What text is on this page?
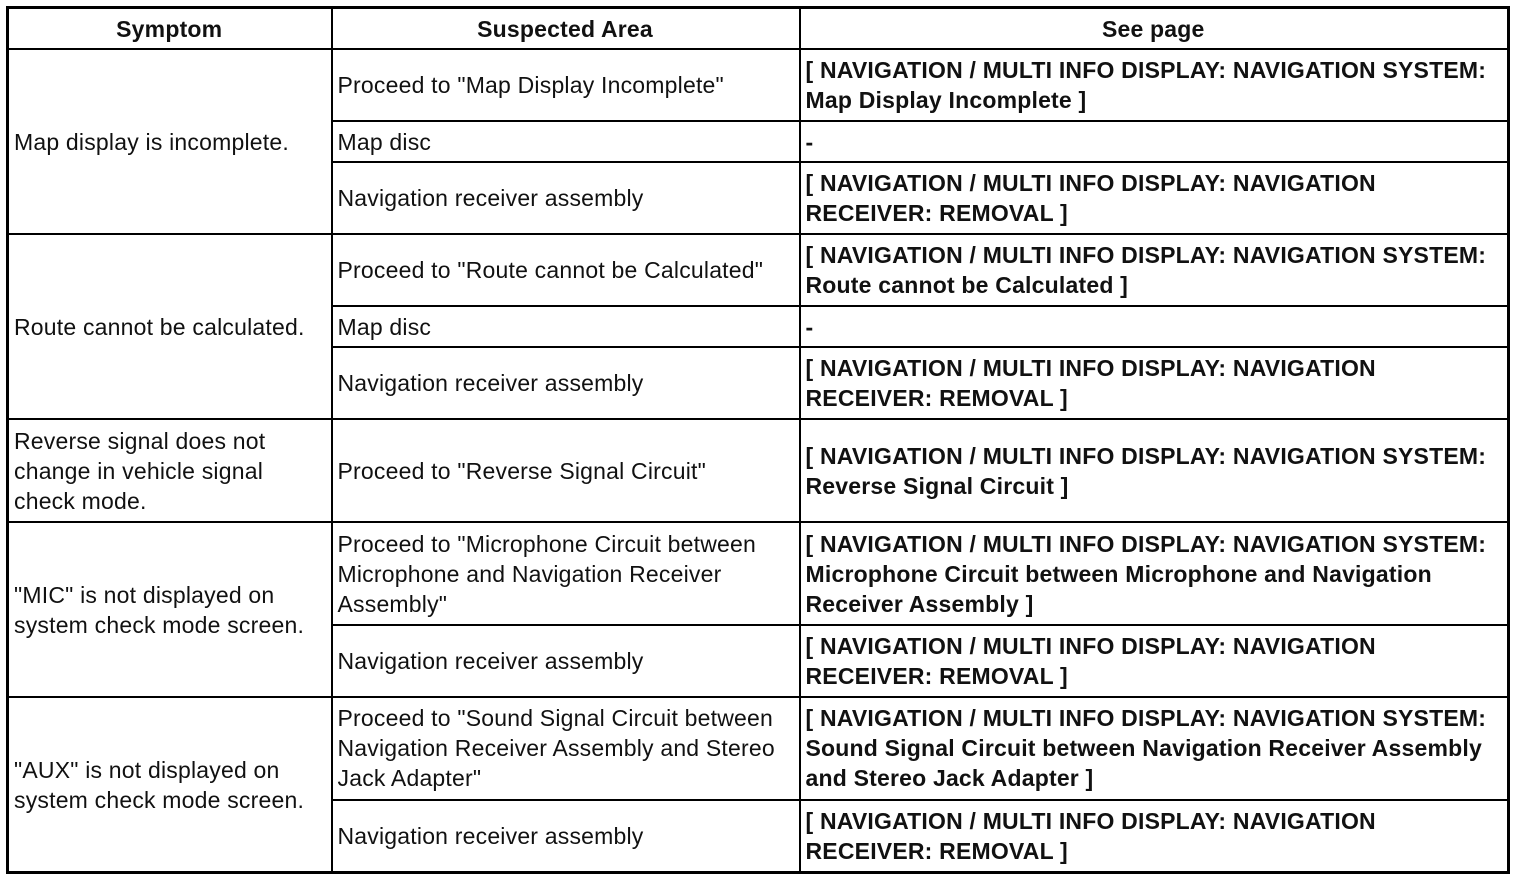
Symptom	Suspected Area	See page
Map display is incomplete.	Proceed to "Map Display Incomplete"	[ NAVIGATION / MULTI INFO DISPLAY: NAVIGATION SYSTEM: Map Display Incomplete ]
	Map disc	-
	Navigation receiver assembly	[ NAVIGATION / MULTI INFO DISPLAY: NAVIGATION RECEIVER: REMOVAL ]
Route cannot be calculated.	Proceed to "Route cannot be Calculated"	[ NAVIGATION / MULTI INFO DISPLAY: NAVIGATION SYSTEM: Route cannot be Calculated ]
	Map disc	-
	Navigation receiver assembly	[ NAVIGATION / MULTI INFO DISPLAY: NAVIGATION RECEIVER: REMOVAL ]
Reverse signal does not change in vehicle signal check mode.	Proceed to "Reverse Signal Circuit"	[ NAVIGATION / MULTI INFO DISPLAY: NAVIGATION SYSTEM: Reverse Signal Circuit ]
"MIC" is not displayed on system check mode screen.	Proceed to "Microphone Circuit between Microphone and Navigation Receiver Assembly"	[ NAVIGATION / MULTI INFO DISPLAY: NAVIGATION SYSTEM: Microphone Circuit between Microphone and Navigation Receiver Assembly ]
	Navigation receiver assembly	[ NAVIGATION / MULTI INFO DISPLAY: NAVIGATION RECEIVER: REMOVAL ]
"AUX" is not displayed on system check mode screen.	Proceed to "Sound Signal Circuit between Navigation Receiver Assembly and Stereo Jack Adapter"	[ NAVIGATION / MULTI INFO DISPLAY: NAVIGATION SYSTEM: Sound Signal Circuit between Navigation Receiver Assembly and Stereo Jack Adapter ]
	Navigation receiver assembly	[ NAVIGATION / MULTI INFO DISPLAY: NAVIGATION RECEIVER: REMOVAL ]
